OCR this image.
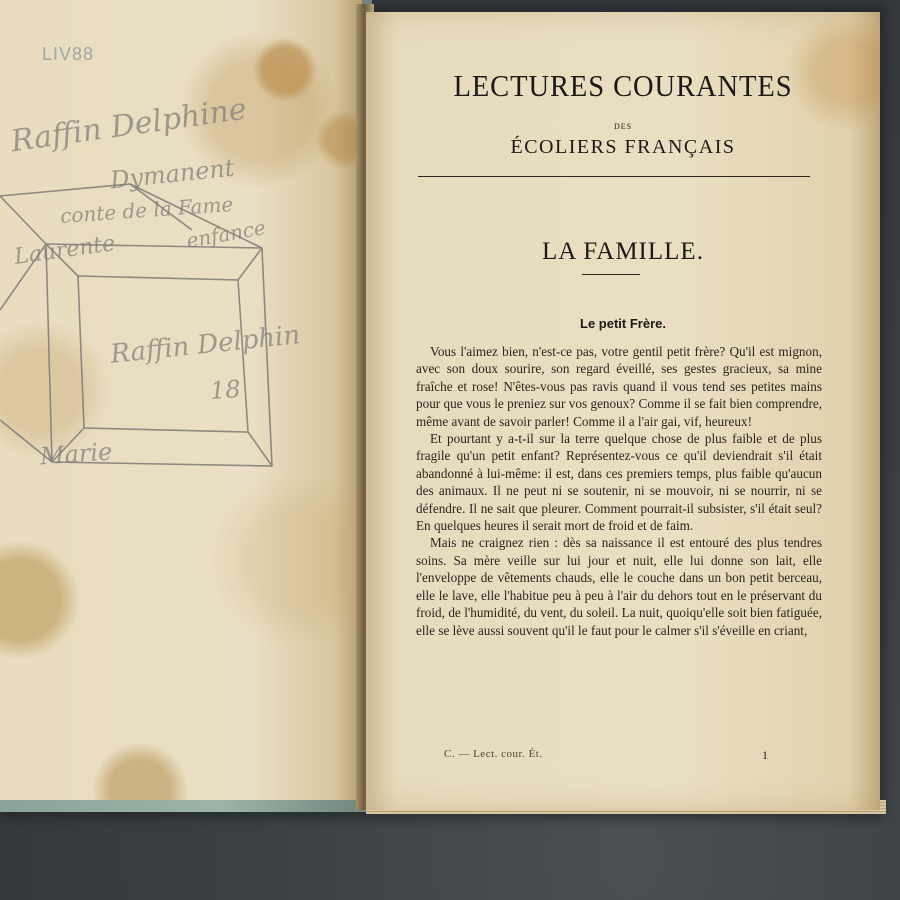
LIV88
Raffin Delphine
Dymanent
conte de la Fame
enfance
Laurente
Raffin Delphin
18
Marie
LECTURES COURANTES
DES
ÉCOLIERS FRANÇAIS
LA FAMILLE.
Le petit Frère.

Vous l'aimez bien, n'est-ce pas, votre gentil petit frère? Qu'il est mignon, avec son doux sourire, son regard éveillé, ses gestes gracieux, sa mine fraîche et rose! N'êtes-vous pas ravis quand il vous tend ses petites mains pour que vous le preniez sur vos genoux? Comme il se fait bien comprendre, même avant de savoir parler! Comme il a l'air gai, vif, heureux!

Et pourtant y a-t-il sur la terre quelque chose de plus faible et de plus fragile qu'un petit enfant? Représentez-vous ce qu'il deviendrait s'il était abandonné à lui-même: il est, dans ces premiers temps, plus faible qu'aucun des animaux. Il ne peut ni se soutenir, ni se mouvoir, ni se nourrir, ni se défendre. Il ne sait que pleurer. Comment pourrait-il subsister, s'il était seul? En quelques heures il serait mort de froid et de faim.

Mais ne craignez rien : dès sa naissance il est entouré des plus tendres soins. Sa mère veille sur lui jour et nuit, elle lui donne son lait, elle l'enveloppe de vêtements chauds, elle le couche dans un bon petit berceau, elle le lave, elle l'habitue peu à peu à l'air du dehors tout en le préservant du froid, de l'humidité, du vent, du soleil. La nuit, quoiqu'elle soit bien fatiguée, elle se lève aussi souvent qu'il le faut pour le calmer s'il s'éveille en criant,

C. — Lect. cour. Ét.	1
